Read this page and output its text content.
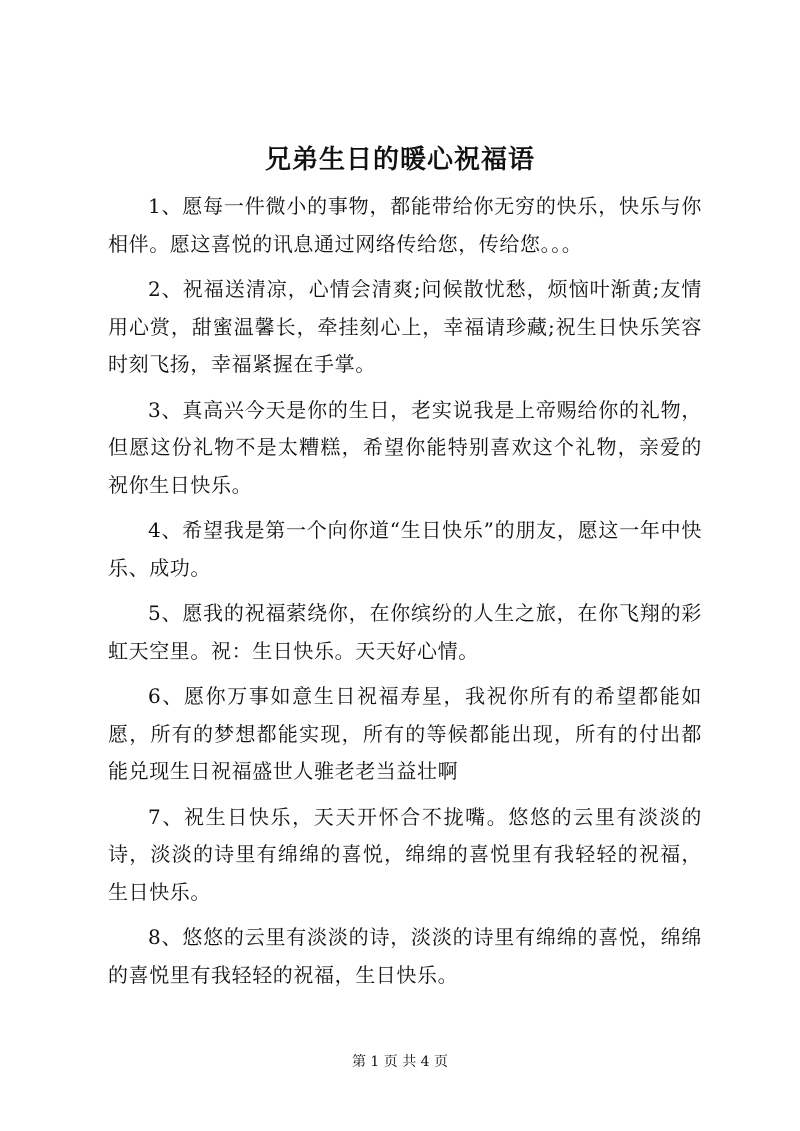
兄弟生日的暖心祝福语

1、愿每一件微小的事物，都能带给你无穷的快乐，快乐与你相伴。愿这喜悦的讯息通过网络传给您，传给您。。。

2、祝福送清凉，心情会清爽;问候散忧愁，烦恼叶渐黄;友情用心赏，甜蜜温馨长，牵挂刻心上，幸福请珍藏;祝生日快乐笑容时刻飞扬，幸福紧握在手掌。

3、真高兴今天是你的生日，老实说我是上帝赐给你的礼物，但愿这份礼物不是太糟糕，希望你能特别喜欢这个礼物，亲爱的祝你生日快乐。

4、希望我是第一个向你道“生日快乐”的朋友，愿这一年中快乐、成功。

5、愿我的祝福萦绕你，在你缤纷的人生之旅，在你飞翔的彩虹天空里。祝：生日快乐。天天好心情。

6、愿你万事如意生日祝福寿星，我祝你所有的希望都能如愿，所有的梦想都能实现，所有的等候都能出现，所有的付出都能兑现生日祝福盛世人骓老老当益壮啊

7、祝生日快乐，天天开怀合不拢嘴。悠悠的云里有淡淡的诗，淡淡的诗里有绵绵的喜悦，绵绵的喜悦里有我轻轻的祝福，生日快乐。

8、悠悠的云里有淡淡的诗，淡淡的诗里有绵绵的喜悦，绵绵的喜悦里有我轻轻的祝福，生日快乐。

第 1 页 共 4 页
